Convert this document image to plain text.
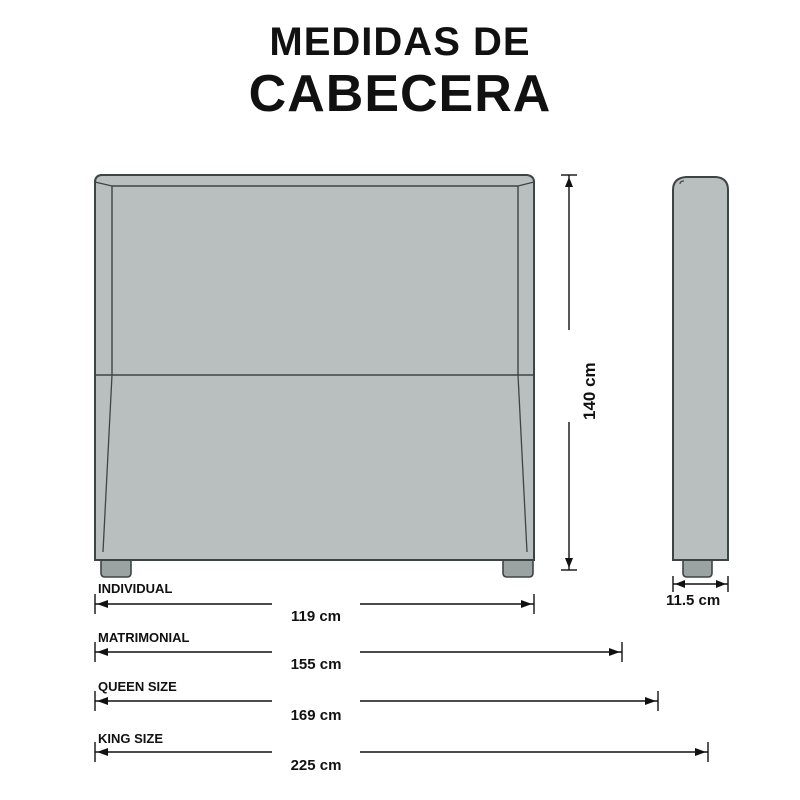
MEDIDAS DE
CABECERA
140 cm
11.5 cm
INDIVIDUAL
119 cm
MATRIMONIAL
155 cm
QUEEN SIZE
169 cm
KING SIZE
225 cm
